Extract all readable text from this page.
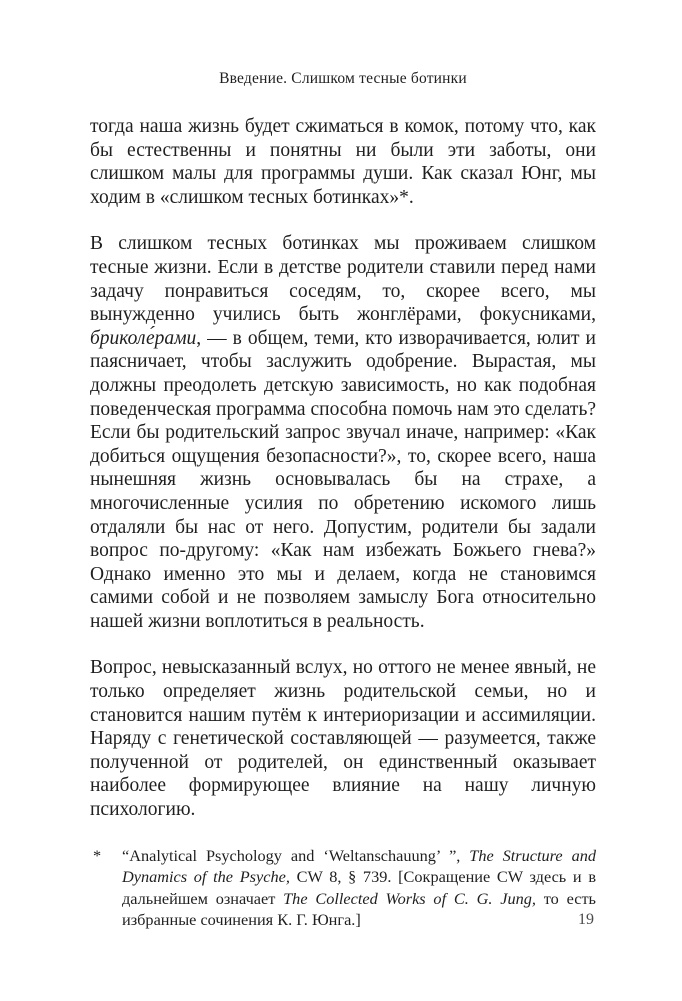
Введение. Слишком тесные ботинки

тогда наша жизнь будет сжиматься в комок, потому что, как бы естественны и понятны ни были эти заботы, они слишком малы для программы души. Как сказал Юнг, мы ходим в «слишком тесных ботинках»*.

В слишком тесных ботинках мы проживаем слишком тесные жизни. Если в детстве родители ставили перед нами задачу понравиться соседям, то, скорее всего, мы вынужденно учились быть жонглёрами, фокусниками, бриколе́рами, — в общем, теми, кто изворачивается, юлит и паясничает, чтобы заслужить одобрение. Вырастая, мы должны преодолеть детскую зависимость, но как подобная поведенческая программа способна помочь нам это сделать? Если бы родительский запрос звучал иначе, например: «Как добиться ощущения безопасности?», то, скорее всего, наша нынешняя жизнь основывалась бы на страхе, а многочисленные усилия по обретению искомого лишь отдаляли бы нас от него. Допустим, родители бы задали вопрос по-другому: «Как нам избежать Божьего гнева?» Однако именно это мы и делаем, когда не становимся самими собой и не позволяем замыслу Бога относительно нашей жизни воплотиться в реальность.

Вопрос, невысказанный вслух, но оттого не менее явный, не только определяет жизнь родительской семьи, но и становится нашим путём к интериоризации и ассимиляции. Наряду с генетической составляющей — разумеется, также полученной от родителей, он единственный оказывает наиболее формирующее влияние на нашу личную психологию.

* “Analytical Psychology and ‘Weltanschauung’ ”, The Structure and Dynamics of the Psyche, CW 8, § 739. [Сокращение CW здесь и в дальнейшем означает The Collected Works of C. G. Jung, то есть избранные сочинения К. Г. Юнга.]	19
